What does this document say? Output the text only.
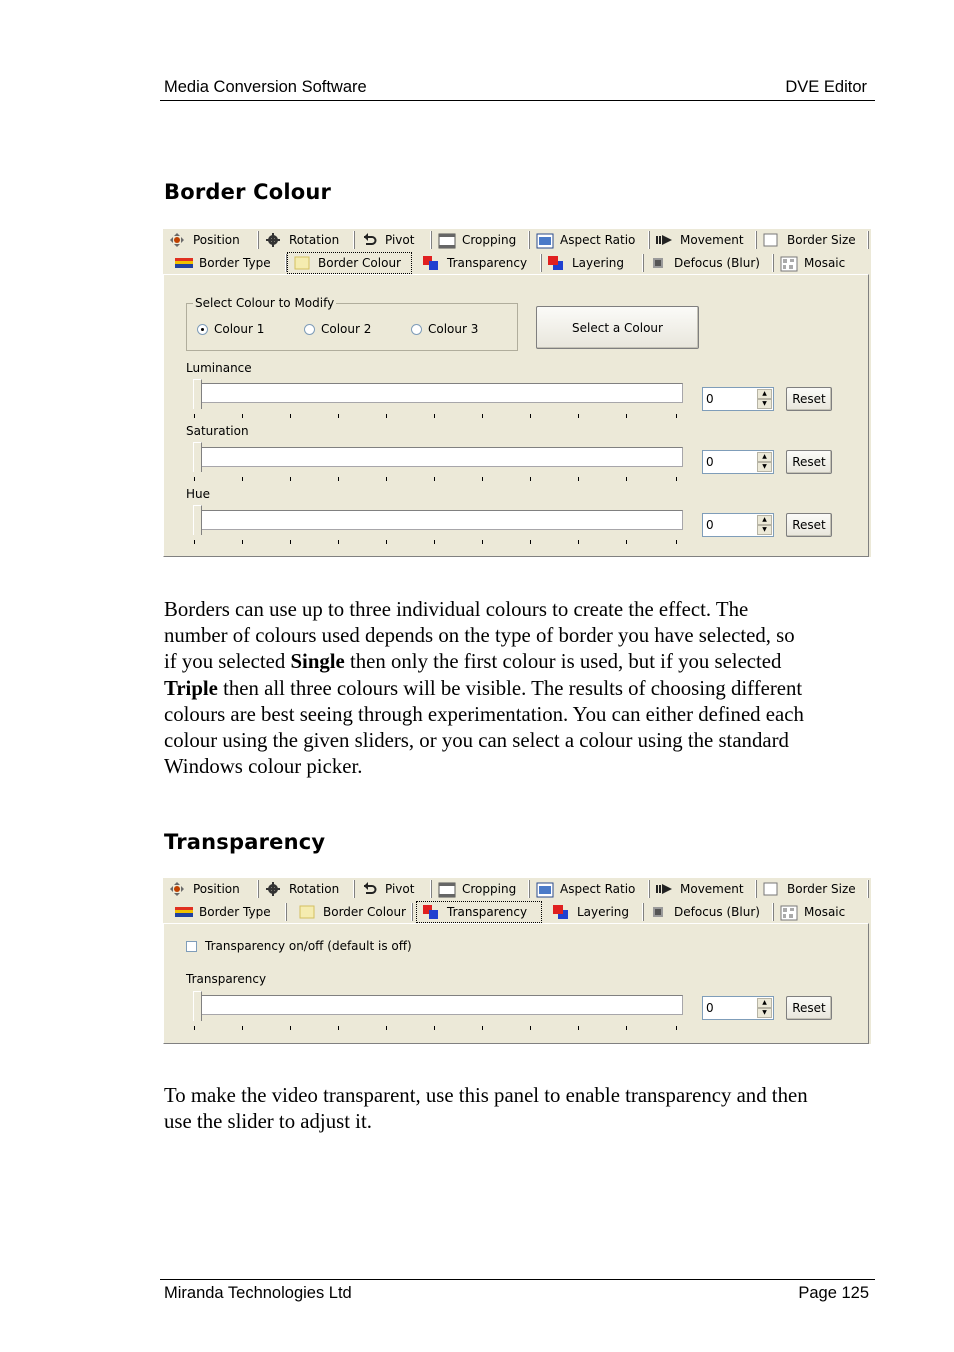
Media Conversion Software	DVE Editor
Border Colour
Position	Rotation	Pivot	Cropping	Aspect Ratio	Movement	Border Size
Border Type	Border Colour	Transparency	Layering	Defocus (Blur)	Mosaic
Select Colour to Modify
Colour 1	Colour 2	Colour 3	Select a Colour
Luminance
0	▲
▼	Reset
Saturation
0	▲
▼	Reset
Hue
0	▲
▼	Reset
Borders can use up to three individual colours to create the effect. The
number of colours used depends on the type of border you have selected, so
if you selected Single then only the first colour is used, but if you selected
Triple then all three colours will be visible. The results of choosing different
colours are best seeing through experimentation. You can either defined each
colour using the given sliders, or you can select a colour using the standard
Windows colour picker.
Transparency
Position	Rotation	Pivot	Cropping	Aspect Ratio	Movement	Border Size
Border Type	Border Colour	Transparency	Layering	Defocus (Blur)	Mosaic
Transparency on/off (default is off)
Transparency
0	▲
▼	Reset
To make the video transparent, use this panel to enable transparency and then
use the slider to adjust it.
Miranda Technologies Ltd	Page 125
